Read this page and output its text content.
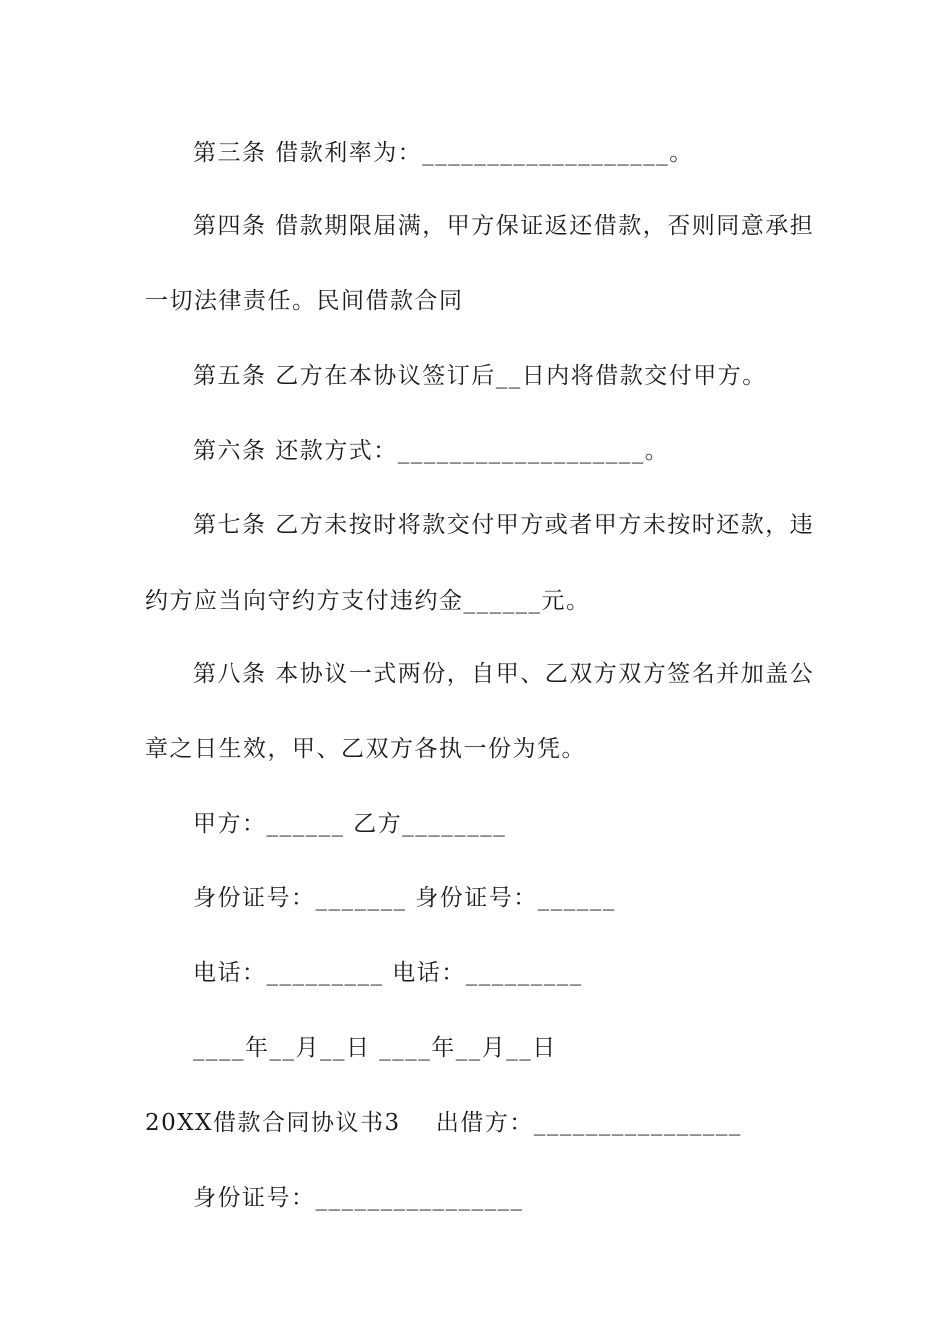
第三条 借款利率为：___________________。
第四条 借款期限届满，甲方保证返还借款，否则同意承担
一切法律责任。民间借款合同
第五条 乙方在本协议签订后__日内将借款交付甲方。
第六条 还款方式：___________________。
第七条 乙方未按时将款交付甲方或者甲方未按时还款，违
约方应当向守约方支付违约金______元。
第八条 本协议一式两份，自甲、乙双方双方签名并加盖公
章之日生效，甲、乙双方各执一份为凭。
甲方：______ 乙方________
身份证号：_______ 身份证号：______
电话：_________ 电话：_________
____年__月__日 ____年__月__日
20XX借款合同协议书3    出借方：________________
身份证号：________________
